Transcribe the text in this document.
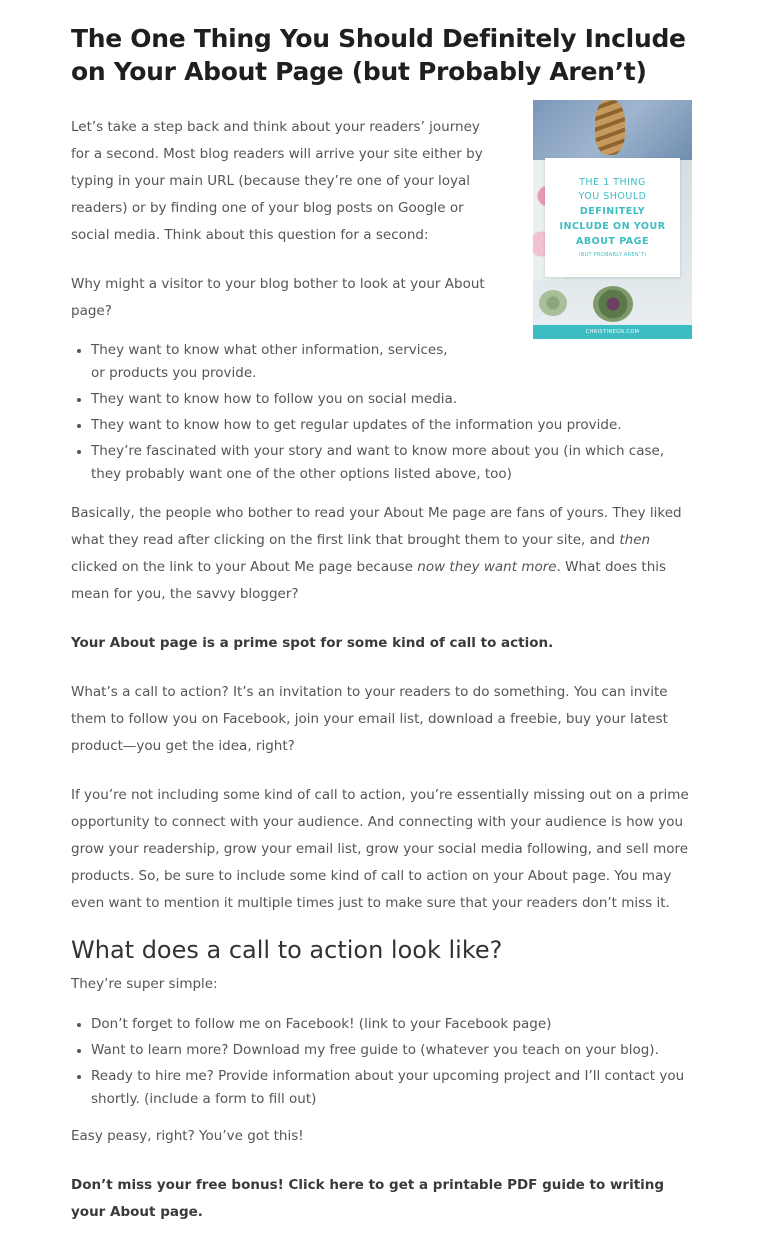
The One Thing You Should Definitely Include on Your About Page (but Probably Aren’t)

Let’s take a step back and think about your readers’ journey for a second. Most blog readers will arrive your site either by typing in your main URL (because they’re one of your loyal readers) or by finding one of your blog posts on Google or social media. Think about this question for a second:

Why might a visitor to your blog bother to look at your About page?

THE 1 THING
YOU SHOULD
DEFINITELY
INCLUDE ON YOUR
ABOUT PAGE
(BUT PROBABLY AREN’T)
CHRISTINEGN.COM
They want to know what other information, services, or products you provide.
They want to know how to follow you on social media.
They want to know how to get regular updates of the information you provide.
They’re fascinated with your story and want to know more about you (in which case, they probably want one of the other options listed above, too)

Basically, the people who bother to read your About Me page are fans of yours. They liked what they read after clicking on the first link that brought them to your site, and then clicked on the link to your About Me page because now they want more. What does this mean for you, the savvy blogger?

Your About page is a prime spot for some kind of call to action.

What’s a call to action? It’s an invitation to your readers to do something. You can invite them to follow you on Facebook, join your email list, download a freebie, buy your latest product—you get the idea, right?

If you’re not including some kind of call to action, you’re essentially missing out on a prime opportunity to connect with your audience. And connecting with your audience is how you grow your readership, grow your email list, grow your social media following, and sell more products. So, be sure to include some kind of call to action on your About page. You may even want to mention it multiple times just to make sure that your readers don’t miss it.

What does a call to action look like?

They’re super simple:

Don’t forget to follow me on Facebook! (link to your Facebook page)
Want to learn more? Download my free guide to (whatever you teach on your blog).
Ready to hire me? Provide information about your upcoming project and I’ll contact you shortly. (include a form to fill out)

Easy peasy, right? You’ve got this!

Don’t miss your free bonus! Click here to get a printable PDF guide to writing your About page.
